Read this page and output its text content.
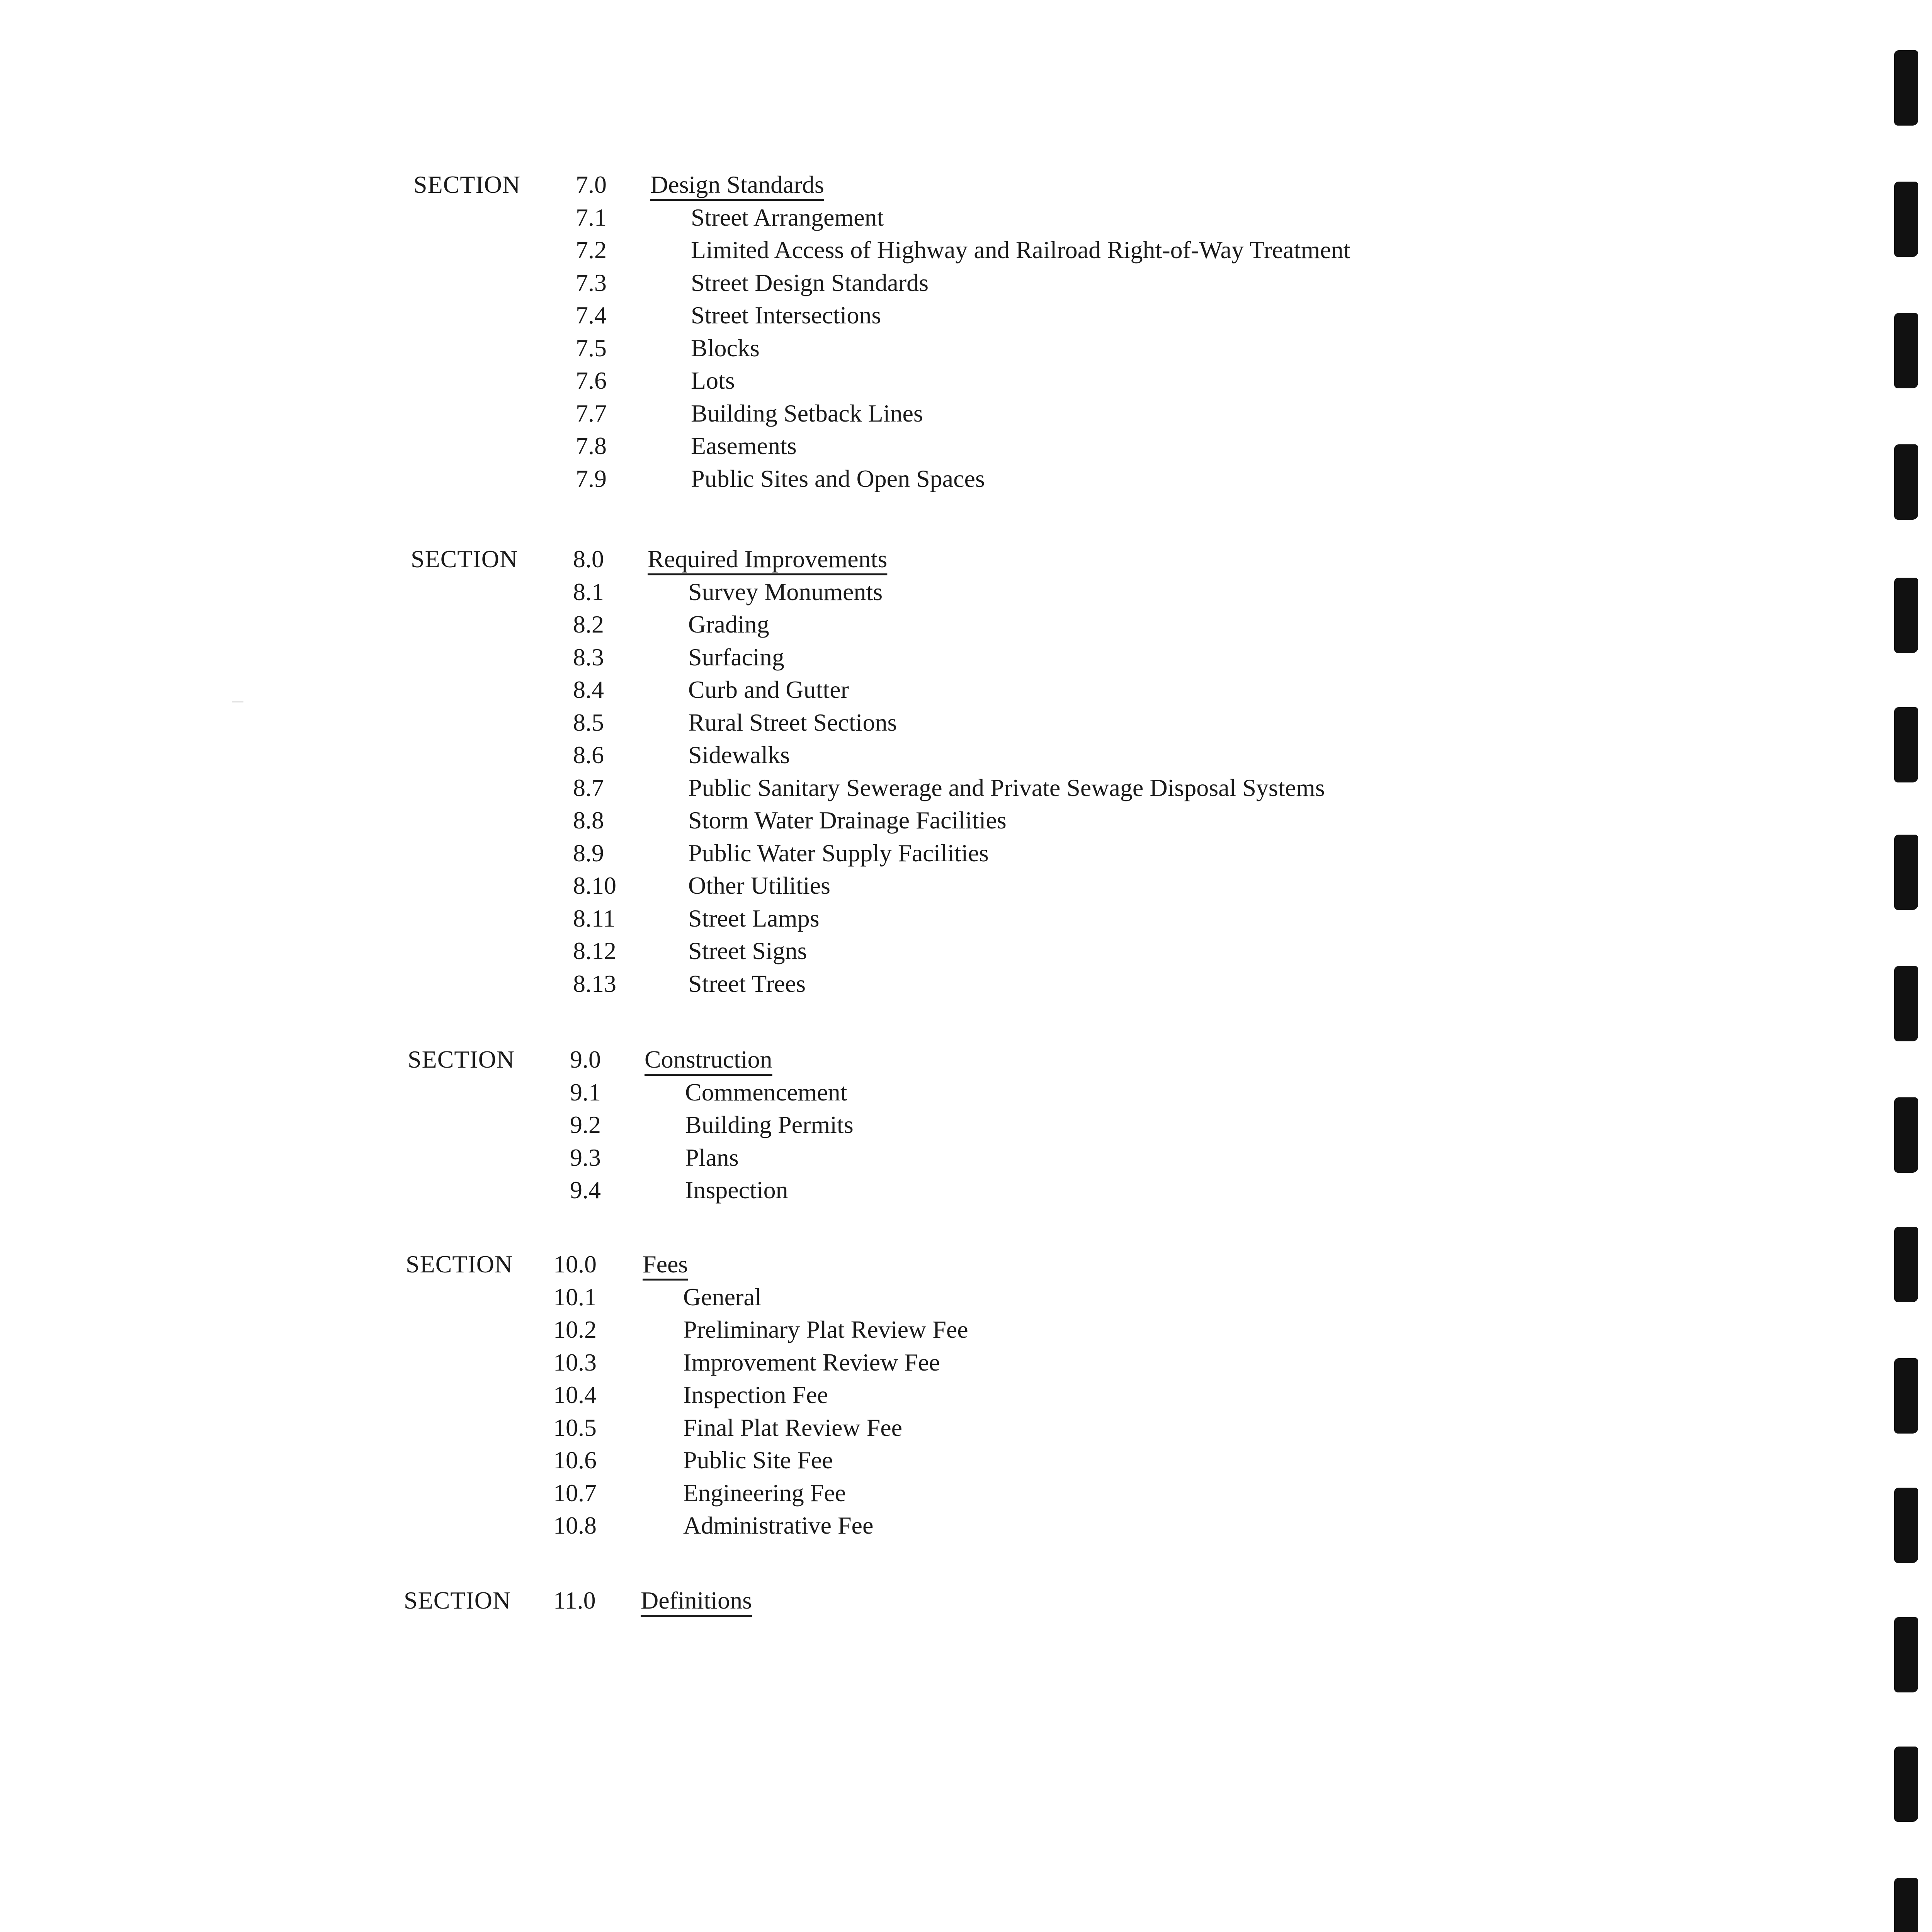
SECTION 7.0 Design Standards
7.1	Street Arrangement
7.2	Limited Access of Highway and Railroad Right-of-Way Treatment
7.3	Street Design Standards
7.4	Street Intersections
7.5	Blocks
7.6	Lots
7.7	Building Setback Lines
7.8	Easements
7.9	Public Sites and Open Spaces
SECTION 8.0 Required Improvements
8.1	Survey Monuments
8.2	Grading
8.3	Surfacing
8.4	Curb and Gutter
8.5	Rural Street Sections
8.6	Sidewalks
8.7	Public Sanitary Sewerage and Private Sewage Disposal Systems
8.8	Storm Water Drainage Facilities
8.9	Public Water Supply Facilities
8.10	Other Utilities
8.11	Street Lamps
8.12	Street Signs
8.13	Street Trees
SECTION 9.0 Construction
9.1	Commencement
9.2	Building Permits
9.3	Plans
9.4	Inspection
SECTION 10.0 Fees
10.1	General
10.2	Preliminary Plat Review Fee
10.3	Improvement Review Fee
10.4	Inspection Fee
10.5	Final Plat Review Fee
10.6	Public Site Fee
10.7	Engineering Fee
10.8	Administrative Fee
SECTION 11.0 Definitions
